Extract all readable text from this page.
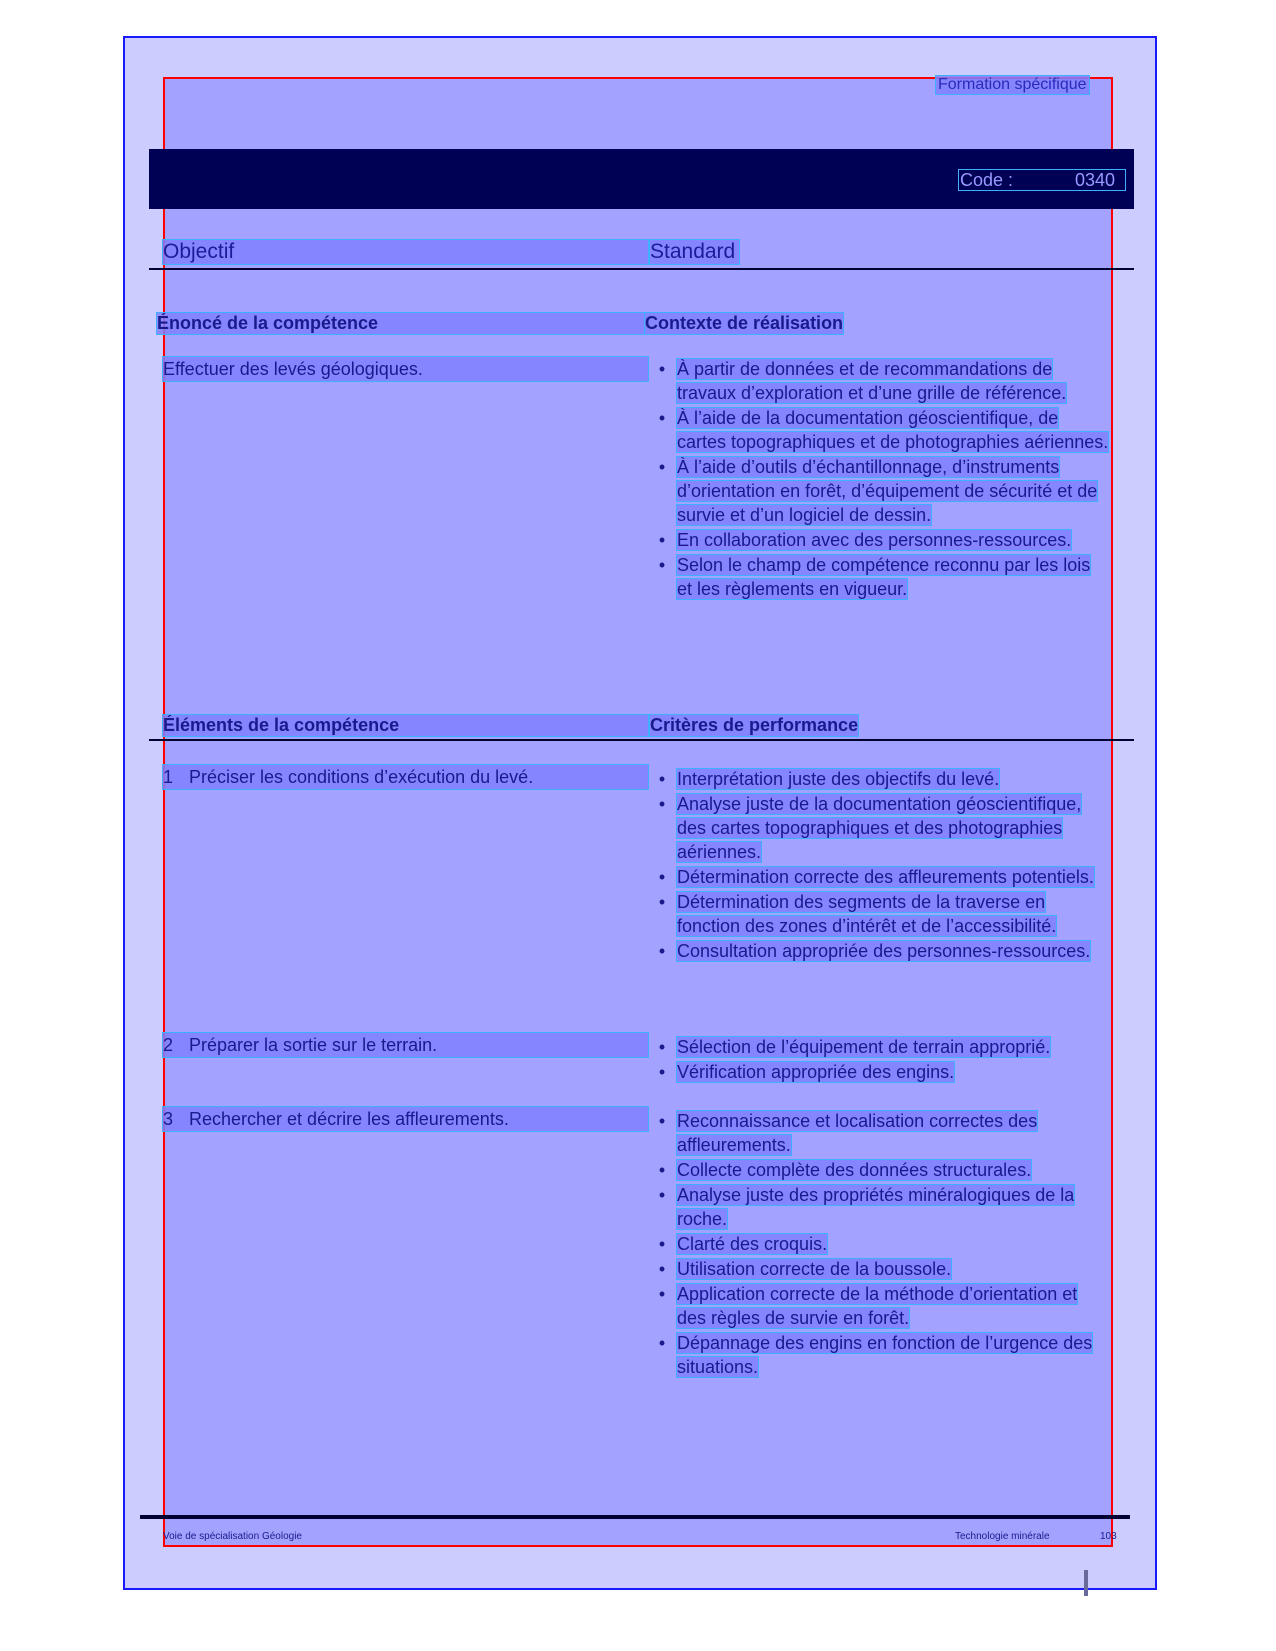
Formation spécifique
Code :	0340
Objectif	Standard
Énoncé de la compétence	Contexte de réalisation
Effectuer des levés géologiques.	• À partir de données et de recommandations de travaux d’exploration et d’une grille de référence.
• À l’aide de la documentation géoscientifique, de cartes topographiques et de photographies aériennes.
• À l’aide d’outils d’échantillonnage, d’instruments d’orientation en forêt, d’équipement de sécurité et de survie et d’un logiciel de dessin.
• En collaboration avec des personnes-ressources.
• Selon le champ de compétence reconnu par les lois et les règlements en vigueur.
Éléments de la compétence	Critères de performance
1 Préciser les conditions d’exécution du levé.	• Interprétation juste des objectifs du levé.
• Analyse juste de la documentation géoscientifique, des cartes topographiques et des photographies aériennes.
• Détermination correcte des affleurements potentiels.
• Détermination des segments de la traverse en fonction des zones d’intérêt et de l’accessibilité.
• Consultation appropriée des personnes-ressources.
2 Préparer la sortie sur le terrain.	• Sélection de l’équipement de terrain approprié.
• Vérification appropriée des engins.
3 Rechercher et décrire les affleurements.	• Reconnaissance et localisation correctes des affleurements.
• Collecte complète des données structurales.
• Analyse juste des propriétés minéralogiques de la roche.
• Clarté des croquis.
• Utilisation correcte de la boussole.
• Application correcte de la méthode d’orientation et des règles de survie en forêt.
• Dépannage des engins en fonction de l’urgence des situations.
Voie de spécialisation Géologie	Technologie minérale	103
